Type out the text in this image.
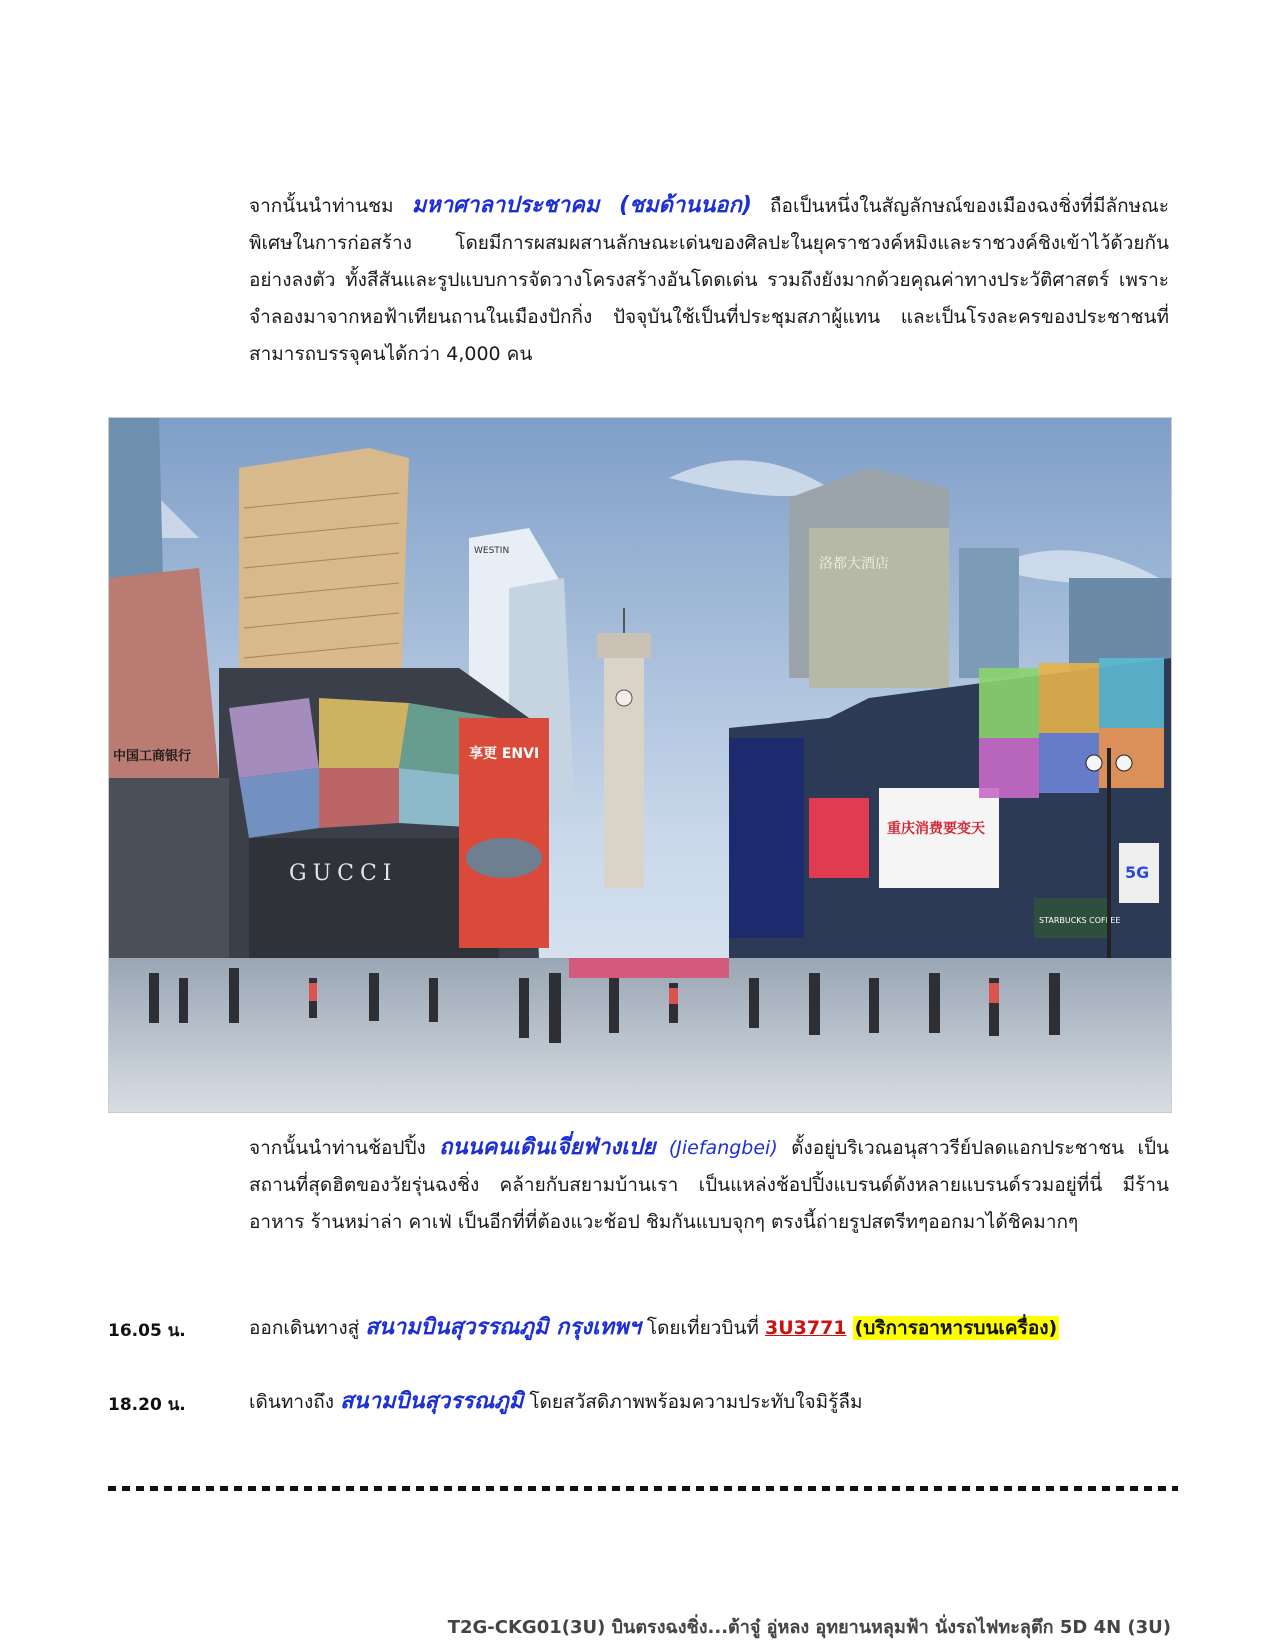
จากนั้นนำท่านชม มหาศาลาประชาคม (ชมด้านนอก) ถือเป็นหนึ่งในสัญลักษณ์ของเมืองฉงชิ่งที่มีลักษณะพิเศษในการก่อสร้าง โดยมีการผสมผสานลักษณะเด่นของศิลปะในยุคราชวงค์หมิงและราชวงค์ชิงเข้าไว้ด้วยกันอย่างลงตัว ทั้งสีสันและรูปแบบการจัดวางโครงสร้างอันโดดเด่น รวมถึงยังมากด้วยคุณค่าทางประวัติศาสตร์ เพราะจำลองมาจากหอฟ้าเทียนถานในเมืองปักกิ่ง ปัจจุบันใช้เป็นที่ประชุมสภาผู้แทน และเป็นโรงละครของประชาชนที่สามารถบรรจุคนได้กว่า 4,000 คน
WESTIN
洛都大酒店
中国工商银行
GUCCI
享更 ENVI
重庆消费要变天
STARBUCKS COFFEE
5G
จากนั้นนำท่านช้อปปิ้ง ถนนคนเดินเจี่ยฟ่างเปย (Jiefangbei) ตั้งอยู่บริเวณอนุสาวรีย์ปลดแอกประชาชน เป็นสถานที่สุดฮิตของวัยรุ่นฉงชิ่ง คล้ายกับสยามบ้านเรา เป็นแหล่งช้อปปิ้งแบรนด์ดังหลายแบรนด์รวมอยู่ที่นี่ มีร้านอาหาร ร้านหม่าล่า คาเฟ่ เป็นอีกที่ที่ต้องแวะช้อป ชิมกันแบบจุกๆ ตรงนี้ถ่ายรูปสตรีทๆออกมาได้ชิคมากๆ
16.05 น.	ออกเดินทางสู่ สนามบินสุวรรณภูมิ กรุงเทพฯ โดยเที่ยวบินที่ 3U3771 (บริการอาหารบนเครื่อง)
18.20 น.	เดินทางถึง สนามบินสุวรรณภูมิ โดยสวัสดิภาพพร้อมความประทับใจมิรู้ลืม
T2G-CKG01(3U) บินตรงฉงชิ่ง...ต้าจู๋ อู่หลง อุทยานหลุมฟ้า นั่งรถไฟทะลุตึก 5D 4N (3U)
